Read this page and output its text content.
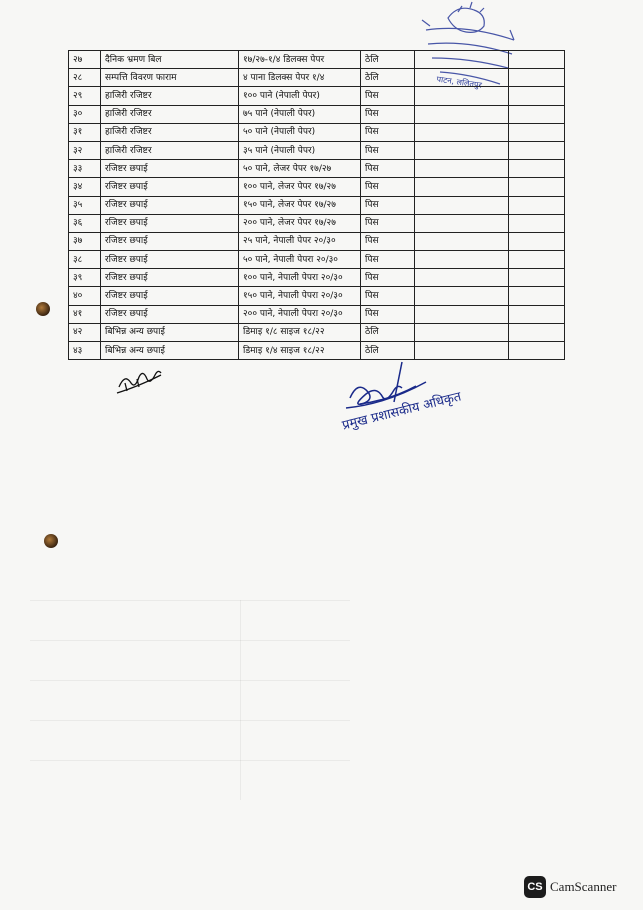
पाटन, ललितपुर
२७	दैनिक भ्रमण बिल	१७/२७-१/४ डिलक्स पेपर	ठेलि		
२८	सम्पत्ति विवरण फाराम	४ पाना डिलक्स पेपर १/४	ठेलि		
२९	हाजिरी रजिष्टर	१०० पाने (नेपाली पेपर)	पिस		
३०	हाजिरी रजिष्टर	७५ पाने (नेपाली पेपर)	पिस		
३१	हाजिरी रजिष्टर	५० पाने (नेपाली पेपर)	पिस		
३२	हाजिरी रजिष्टर	३५ पाने (नेपाली पेपर)	पिस		
३३	रजिष्टर छपाई	५० पाने, लेजर पेपर १७/२७	पिस		
३४	रजिष्टर छपाई	१०० पाने, लेजर पेपर १७/२७	पिस		
३५	रजिष्टर छपाई	१५० पाने, लेजर पेपर १७/२७	पिस		
३६	रजिष्टर छपाई	२०० पाने, लेजर पेपर १७/२७	पिस		
३७	रजिष्टर छपाई	२५ पाने, नेपाली पेपर २०/३०	पिस		
३८	रजिष्टर छपाई	५० पाने, नेपाली पेपरा २०/३०	पिस		
३९	रजिष्टर छपाई	१०० पाने, नेपाली पेपरा २०/३०	पिस		
४०	रजिष्टर छपाई	१५० पाने, नेपाली पेपरा २०/३०	पिस		
४१	रजिष्टर छपाई	२०० पाने, नेपाली पेपरा २०/३०	पिस		
४२	बिभिन्न अन्य छपाई	डिमाइ १/८ साइज १८/२२	ठेलि		
४३	बिभिन्न अन्य छपाई	डिमाइ १/४ साइज १८/२२	ठेलि		
प्रमुख प्रशासकीय अधिकृत
CS CamScanner
